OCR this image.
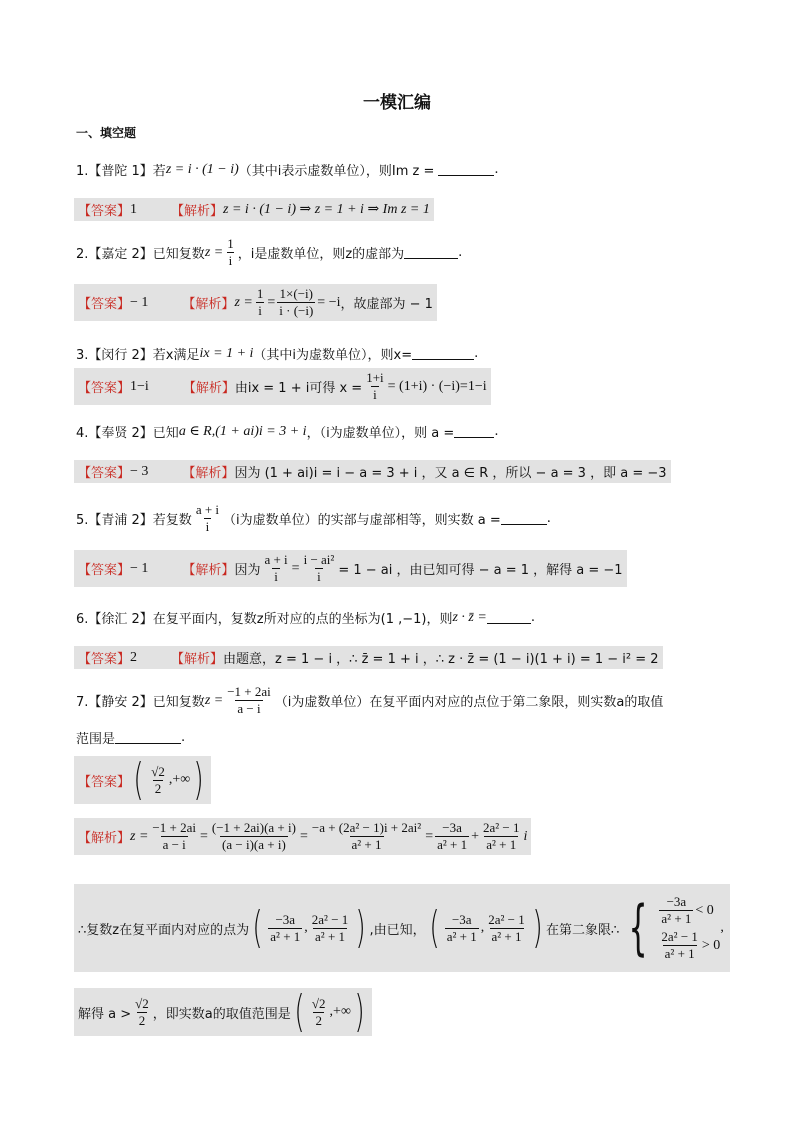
一模汇编
一、填空题
1.【普陀 1】若 z = i · (1 − i) （其中i表示虚数单位），则Im z =	.
【答案】 1	【解析】 z = i · (1 − i) ⇒ z = 1 + i ⇒ Im z = 1
2.【嘉定 2】已知复数 $z = \frac{1}{i}$ ，i是虚数单位，则z的虚部为	.
【答案】 − 1	【解析】 $z = \frac{1}{i} = \frac{1\times(-i)}{i \cdot (-i)} = -i$ ，故虚部为 − 1
3.【闵行 2】若x满足 ix = 1 + i （其中i为虚数单位），则x=	.
【答案】 1−i	【解析】 由ix = 1 + i可得 $x = \frac{1+i}{i} = (1+i) \cdot (-i)=1-i$
4.【奉贤 2】已知 a ∈ R,(1 + ai)i = 3 + i ，（i为虚数单位），则 a =	.
【答案】 − 3	【解析】 因为 (1 + ai)i = i − a = 3 + i ，又 a ∈ R ，所以 − a = 3 ，即 a = −3
5.【青浦 2】若复数 $\frac{a + i}{i} (i$为虚数单位）的实部与虚部相等，则实数 a =	.
【答案】 − 1	【解析】 因为 $\frac{a + i}{i} = \frac{\text{i − ai²}}{i} = 1$ − ai ，由已知可得 − a = 1 ，解得 a = −1
6.【徐汇 2】在复平面内，复数z所对应的点的坐标为(1 ,−1)，则 z · z̄ =	.
【答案】 2	【解析】 由题意，z = 1 − i ，∴ z̄ = 1 + i ，∴ z · z̄ = (1 − i)(1 + i) = 1 − i² = 2
7.【静安 2】已知复数 $z = \frac{-1 + 2ai}{a - i} (i$为虚数单位）在复平面内对应的点位于第二象限，则实数a的取值
范围是	.
【答案】 ( $\frac{√2}{2}$ ,+∞ )
【解析】 $z = \frac{-1 + 2ai}{a - i} = \frac{(-1 + 2ai)(a + i)}{(a - i)(a + i)} = \frac{\text{−a + (2a² − 1)i + 2ai²}}{\text{a² + 1}} = \frac{-3a}{\text{a² + 1}} + \frac{\text{2a² − 1}}{\text{a² + 1}}$ i
∴复数z在复平面内对应的点为 ( $\frac{-3a}{\text{a² + 1}}$ , $\frac{\text{2a² − 1}}{\text{a² + 1}}$ ) ,由已知， ( $\frac{-3a}{\text{a² + 1}}$ , $\frac{\text{2a² − 1}}{\text{a² + 1}}$ ) 在第二象限∴ { $\frac{-3a}{\text{a² + 1}} < 0$
$\frac{\text{2a² − 1}}{\text{a² + 1}} > 0$
,
解得 $a > \frac{√2}{2}$ ，即实数a的取值范围是 ( $\frac{√2}{2}$ ,+∞ )
